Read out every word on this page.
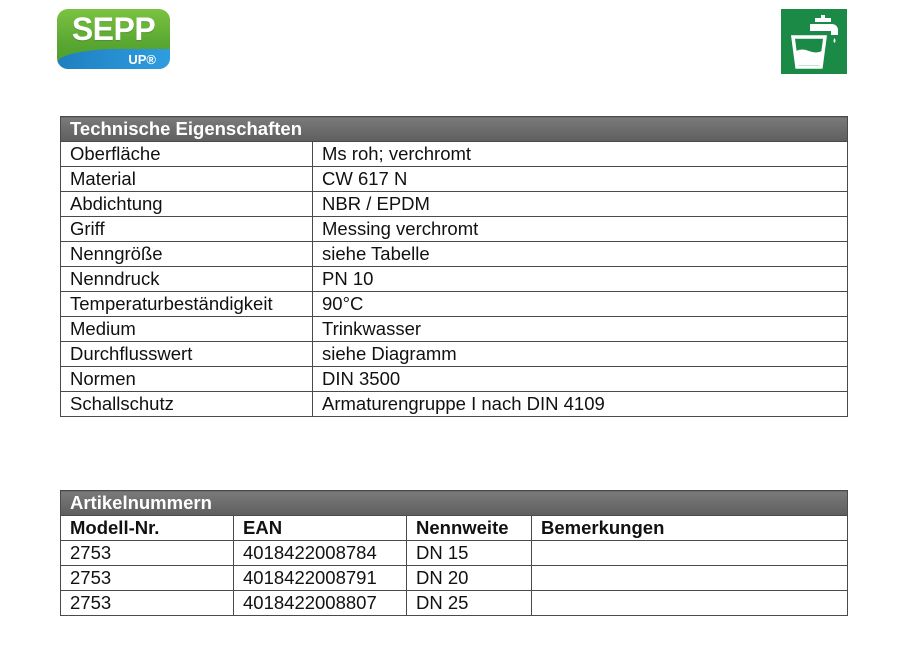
SEPP
UP®
Technische Eigenschaften	
Oberfläche	Ms roh; verchromt
Material	CW 617 N
Abdichtung	NBR / EPDM
Griff	Messing verchromt
Nenngröße	siehe Tabelle
Nenndruck	PN 10
Temperaturbeständigkeit	90°C
Medium	Trinkwasser
Durchflusswert	siehe Diagramm
Normen	DIN 3500
Schallschutz	Armaturengruppe I nach DIN 4109
Artikelnummern			
Modell-Nr.	EAN	Nennweite	Bemerkungen
2753	4018422008784	DN 15	
2753	4018422008791	DN 20	
2753	4018422008807	DN 25	
